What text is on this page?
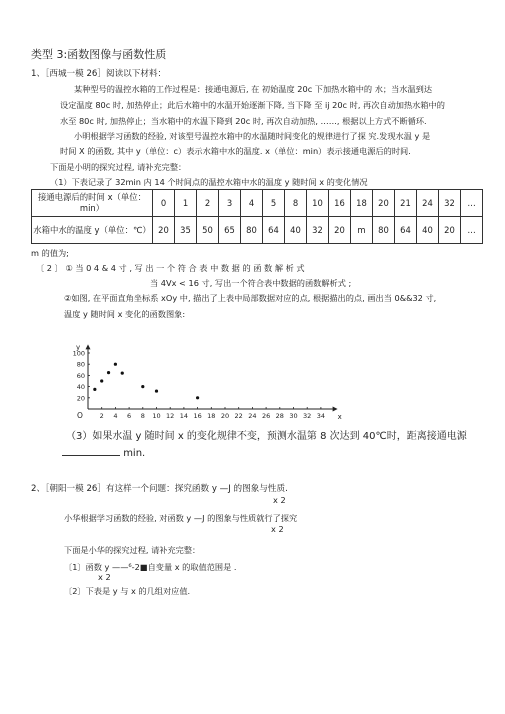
类型 3:函数图像与函数性质
1、［西城一模 26］阅读以下材料：
某种型号的温控水箱的工作过程是：接通电源后, 在 初始温度 20c 下加热水箱中的 水；当水温到达
设定温度 80c 时, 加热停止；此后水箱中的水温开始逐渐下降, 当下降 至 ij 20c 时, 再次自动加热水箱中的
水至 80c 时, 加热停止；当水箱中的水温下降到 20c 时, 再次自动加热, ……, 根据以上方式不断循环.
小明根据学习函数的经验, 对该型号温控水箱中的水温随时间变化的规律进行了探 究.发现水温 y 是
时间 X 的函数, 其中 y（单位：c）表示水箱中水的温度. x（单位：min）表示接通电源后的时间.
下面是小明的探究过程, 请补充完整：
（1）下表记录了 32min 内 14 个时间点的温控水箱中水的温度 y 随时间 x 的变化情况
接通电源后的时间 x（单位：min）	0	1	2	3	4	5	8	10	16	18	20	21	24	32	…
水箱中水的温度 y（单位：℃）	20	35	50	65	80	64	40	32	20	m	80	64	40	20	…
m 的值为;
〔 2 〕 ① 当 0 4 & 4 寸 , 写 出 一 个 符 合 表 中 数 据 的 函 数 解 析 式
当 4Vx < 16 寸, 写出一个符合表中数据的函数解析式 ;
②如图, 在平面直角坐标系 xOy 中, 描出了上表中局部数据对应的点, 根据描出的点, 画出当 0&&32 寸,
温度 y 随时间 x 变化的函数图象:
x
y
O	2 4 6 8 10 12 14 16 18 20 22 24 26 28 30 32 34
20
40
60
80
100
（3）如果水温 y 随时间 x 的变化规律不变，预测水温第 8 次达到 40℃时，距离接通电源
min.
2、［朝阳一模 26］有这样一个问题：探究函数 y —J 的图象与性质.
x 2
小华根据学习函数的经验, 对函数 y —J 的图象与性质就行了探究
x 2
下面是小华的探究过程, 请补充完整：
〔1〕函数 y ——⁶-2■自变量 x 的取值范围是 .
x 2
〔2〕下表是 y 与 x 的几组对应值.
